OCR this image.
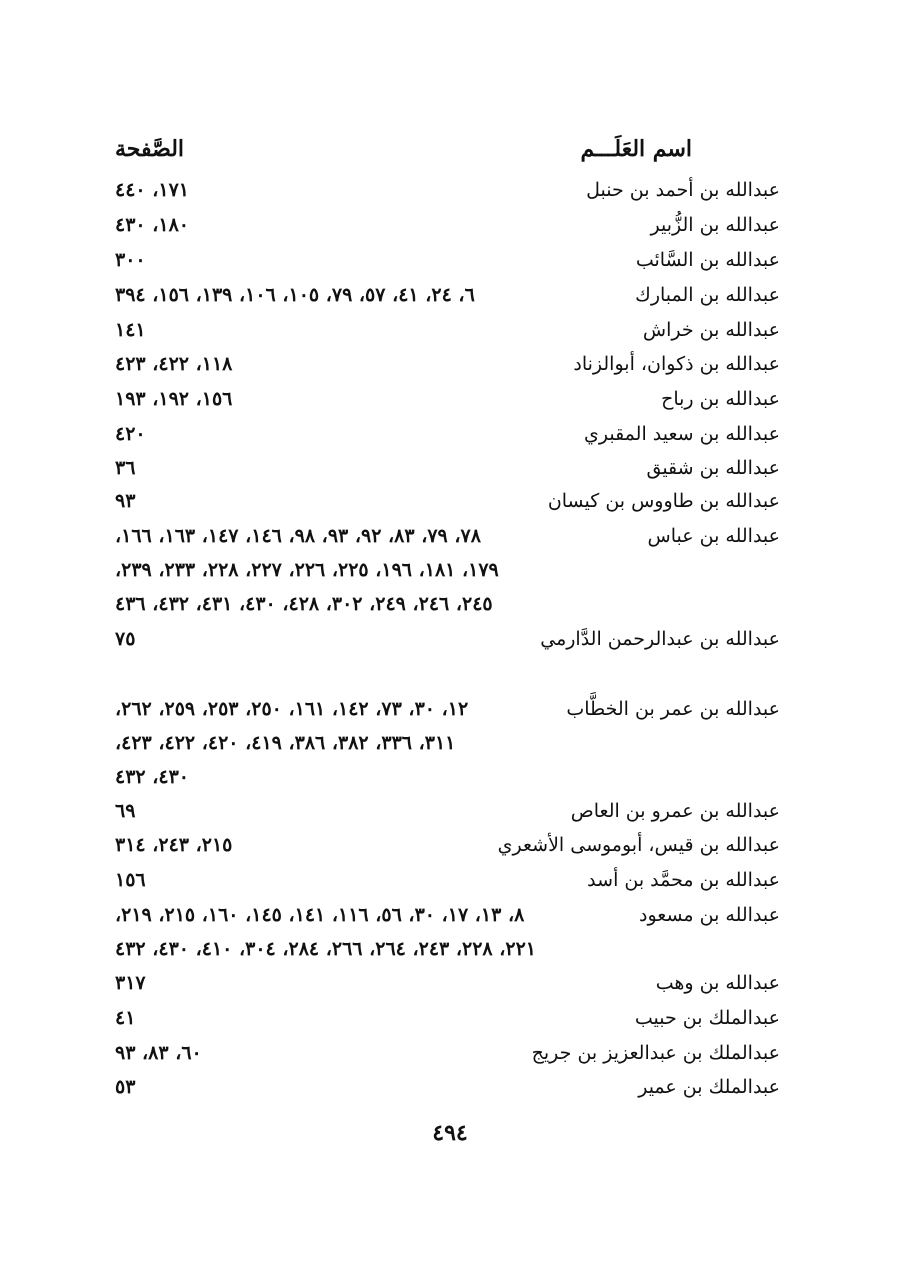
اسم العَلَـــم
الصَّفحة
عبدالله بن أحمد بن حنبل
١٧١، ٤٤٠
عبدالله بن الزُّبير
١٨٠، ٤٣٠
عبدالله بن السَّائب
٣٠٠
عبدالله بن المبارك
٦، ٢٤، ٤١، ٥٧، ٧٩، ١٠٥، ١٠٦، ١٣٩، ١٥٦، ٣٩٤
عبدالله بن خراش
١٤١
عبدالله بن ذكوان، أبوالزناد
١١٨، ٤٢٢، ٤٢٣
عبدالله بن رباح
١٥٦، ١٩٢، ١٩٣
عبدالله بن سعيد المقبري
٤٢٠
عبدالله بن شقيق
٣٦
عبدالله بن طاووس بن كيسان
٩٣
عبدالله بن عباس
٧٨، ٧٩، ٨٣، ٩٢، ٩٣، ٩٨، ١٤٦، ١٤٧، ١٦٣، ١٦٦،
١٧٩، ١٨١، ١٩٦، ٢٢٥، ٢٢٦، ٢٢٧، ٢٢٨، ٢٣٣، ٢٣٩،
٢٤٥، ٢٤٦، ٢٤٩، ٣٠٢، ٤٢٨، ٤٣٠، ٤٣١، ٤٣٢، ٤٣٦
عبدالله بن عبدالرحمن الدَّارمي
٧٥
عبدالله بن عمر بن الخطَّاب
١٢، ٣٠، ٧٣، ١٤٢، ١٦١، ٢٥٠، ٢٥٣، ٢٥٩، ٢٦٢،
٣١١، ٣٣٦، ٣٨٢، ٣٨٦، ٤١٩، ٤٢٠، ٤٢٢، ٤٢٣،
٤٣٠، ٤٣٢
عبدالله بن عمرو بن العاص
٦٩
عبدالله بن قيس، أبوموسى الأشعري
٢١٥، ٢٤٣، ٣١٤
عبدالله بن محمَّد بن أسد
١٥٦
عبدالله بن مسعود
٨، ١٣، ١٧، ٣٠، ٥٦، ١١٦، ١٤١، ١٤٥، ١٦٠، ٢١٥، ٢١٩،
٢٢١، ٢٢٨، ٢٤٣، ٢٦٤، ٢٦٦، ٢٨٤، ٣٠٤، ٤١٠، ٤٣٠، ٤٣٢
عبدالله بن وهب
٣١٧
عبدالملك بن حبيب
٤١
عبدالملك بن عبدالعزيز بن جريج
٦٠، ٨٣، ٩٣
عبدالملك بن عمير
٥٣
٤٩٤
